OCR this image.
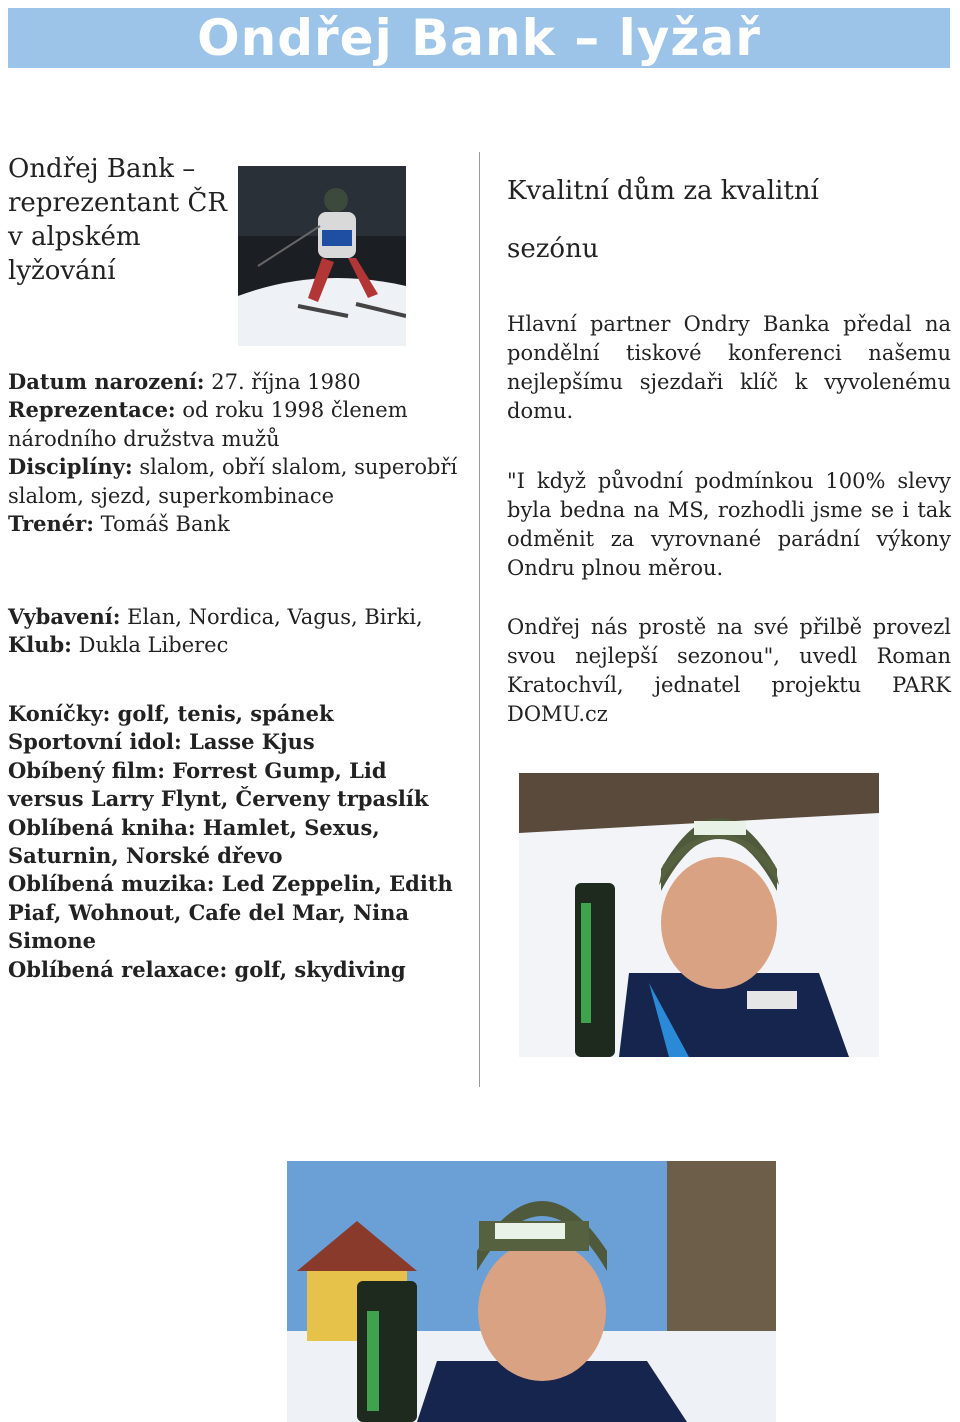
Ondřej Bank – lyžař
Ondřej Bank – reprezentant ČR v alpském lyžování

Datum narození: 27. října 1980

Reprezentace: od roku 1998 členem národního družstva mužů

Disciplíny: slalom, obří slalom, superobří slalom, sjezd, superkombinace

Trenér: Tomáš Bank

Vybavení: Elan, Nordica, Vagus, Birki,

Klub: Dukla Liberec

Koníčky: golf, tenis, spánek

Sportovní idol: Lasse Kjus

Obíbený film: Forrest Gump, Lid versus Larry Flynt, Červeny trpaslík

Oblíbená kniha: Hamlet, Sexus, Saturnin, Norské dřevo

Oblíbená muzika: Led Zeppelin, Edith Piaf, Wohnout, Cafe del Mar, Nina Simone

Oblíbená relaxace: golf, skydiving

Kvalitní dům za kvalitní
sezónu

Hlavní partner Ondry Banka předal na pondělní tiskové konferenci našemu nejlepšímu sjezdaři klíč k vyvolenému domu.

"I když původní podmínkou 100% slevy byla bedna na MS, rozhodli jsme se i tak odměnit za vyrovnané parádní výkony Ondru plnou měrou.

Ondřej nás prostě na své přilbě provezl svou nejlepší sezonou", uvedl Roman Kratochvíl, jednatel projektu PARK DOMU.cz
